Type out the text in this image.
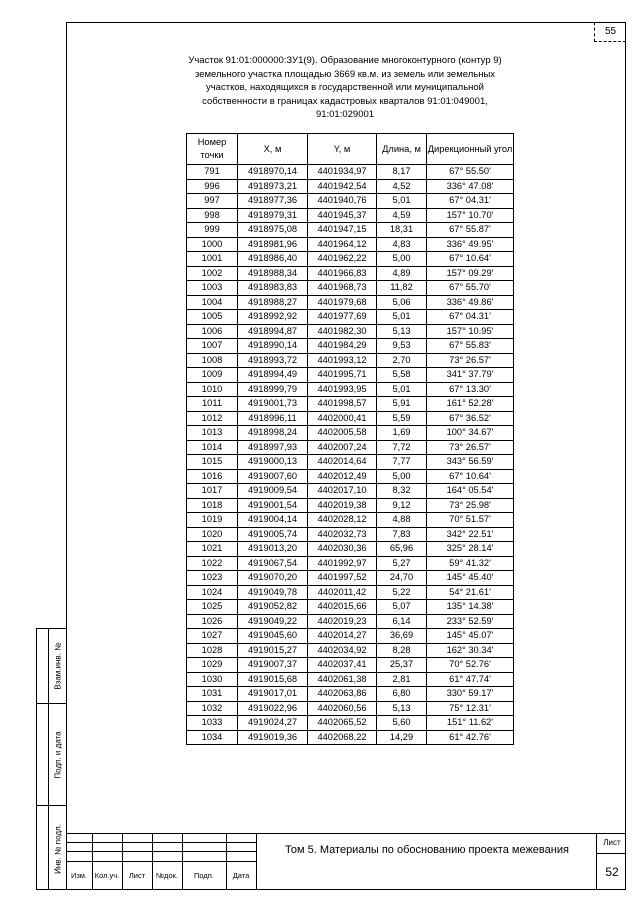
55
Взам.инв. №
Подп. и дата
Инв. № подл.
Участок 91:01:000000:ЗУ1(9). Образование многоконтурного (контур 9) земельного участка площадью 3669 кв.м. из земель или земельных участков, находящихся в государственной или муниципальной собственности в границах кадастровых кварталов 91:01:049001, 91:01:029001
Номер точки	X, м	Y, м	Длина, м	Дирекционный угол
791	4918970,14	4401934,97	8,17	67° 55.50'
996	4918973,21	4401942,54	4,52	336° 47.08'
997	4918977,36	4401940,76	5,01	67° 04.31'
998	4918979,31	4401945,37	4,59	157° 10.70'
999	4918975,08	4401947,15	18,31	67° 55.87'
1000	4918981,96	4401964,12	4,83	336° 49.95'
1001	4918986,40	4401962,22	5,00	67° 10.64'
1002	4918988,34	4401966,83	4,89	157° 09.29'
1003	4918983,83	4401968,73	11,82	67° 55.70'
1004	4918988,27	4401979,68	5,06	336° 49.86'
1005	4918992,92	4401977,69	5,01	67° 04.31'
1006	4918994,87	4401982,30	5,13	157° 10.95'
1007	4918990,14	4401984,29	9,53	67° 55.83'
1008	4918993,72	4401993,12	2,70	73° 26.57'
1009	4918994,49	4401995,71	5,58	341° 37.79'
1010	4918999,79	4401993,95	5,01	67° 13.30'
1011	4919001,73	4401998,57	5,91	161° 52.28'
1012	4918996,11	4402000,41	5,59	67° 36.52'
1013	4918998,24	4402005,58	1,69	100° 34.67'
1014	4918997,93	4402007,24	7,72	73° 26.57'
1015	4919000,13	4402014,64	7,77	343° 56.59'
1016	4919007,60	4402012,49	5,00	67° 10.64'
1017	4919009,54	4402017,10	8,32	164° 05.54'
1018	4919001,54	4402019,38	9,12	73° 25.98'
1019	4919004,14	4402028,12	4,88	70° 51.57'
1020	4919005,74	4402032,73	7,83	342° 22.51'
1021	4919013,20	4402030,36	65,96	325° 28.14'
1022	4919067,54	4401992,97	5,27	59° 41.32'
1023	4919070,20	4401997,52	24,70	145° 45.40'
1024	4919049,78	4402011,42	5,22	54° 21.61'
1025	4919052,82	4402015,66	5,07	135° 14.38'
1026	4919049,22	4402019,23	6,14	233° 52.59'
1027	4919045,60	4402014,27	36,69	145° 45.07'
1028	4919015,27	4402034,92	8,28	162° 30.34'
1029	4919007,37	4402037,41	25,37	70° 52.76'
1030	4919015,68	4402061,38	2,81	61° 47.74'
1031	4919017,01	4402063,86	6,80	330° 59.17'
1032	4919022,96	4402060,56	5,13	75° 12.31'
1033	4919024,27	4402065,52	5,60	151° 11.62'
1034	4919019,36	4402068,22	14,29	61° 42.76'
Изм.	Кол.уч.	Лист	№док.	Подп.	Дата
Том 5. Материалы по обоснованию проекта межевания
Лист
52
